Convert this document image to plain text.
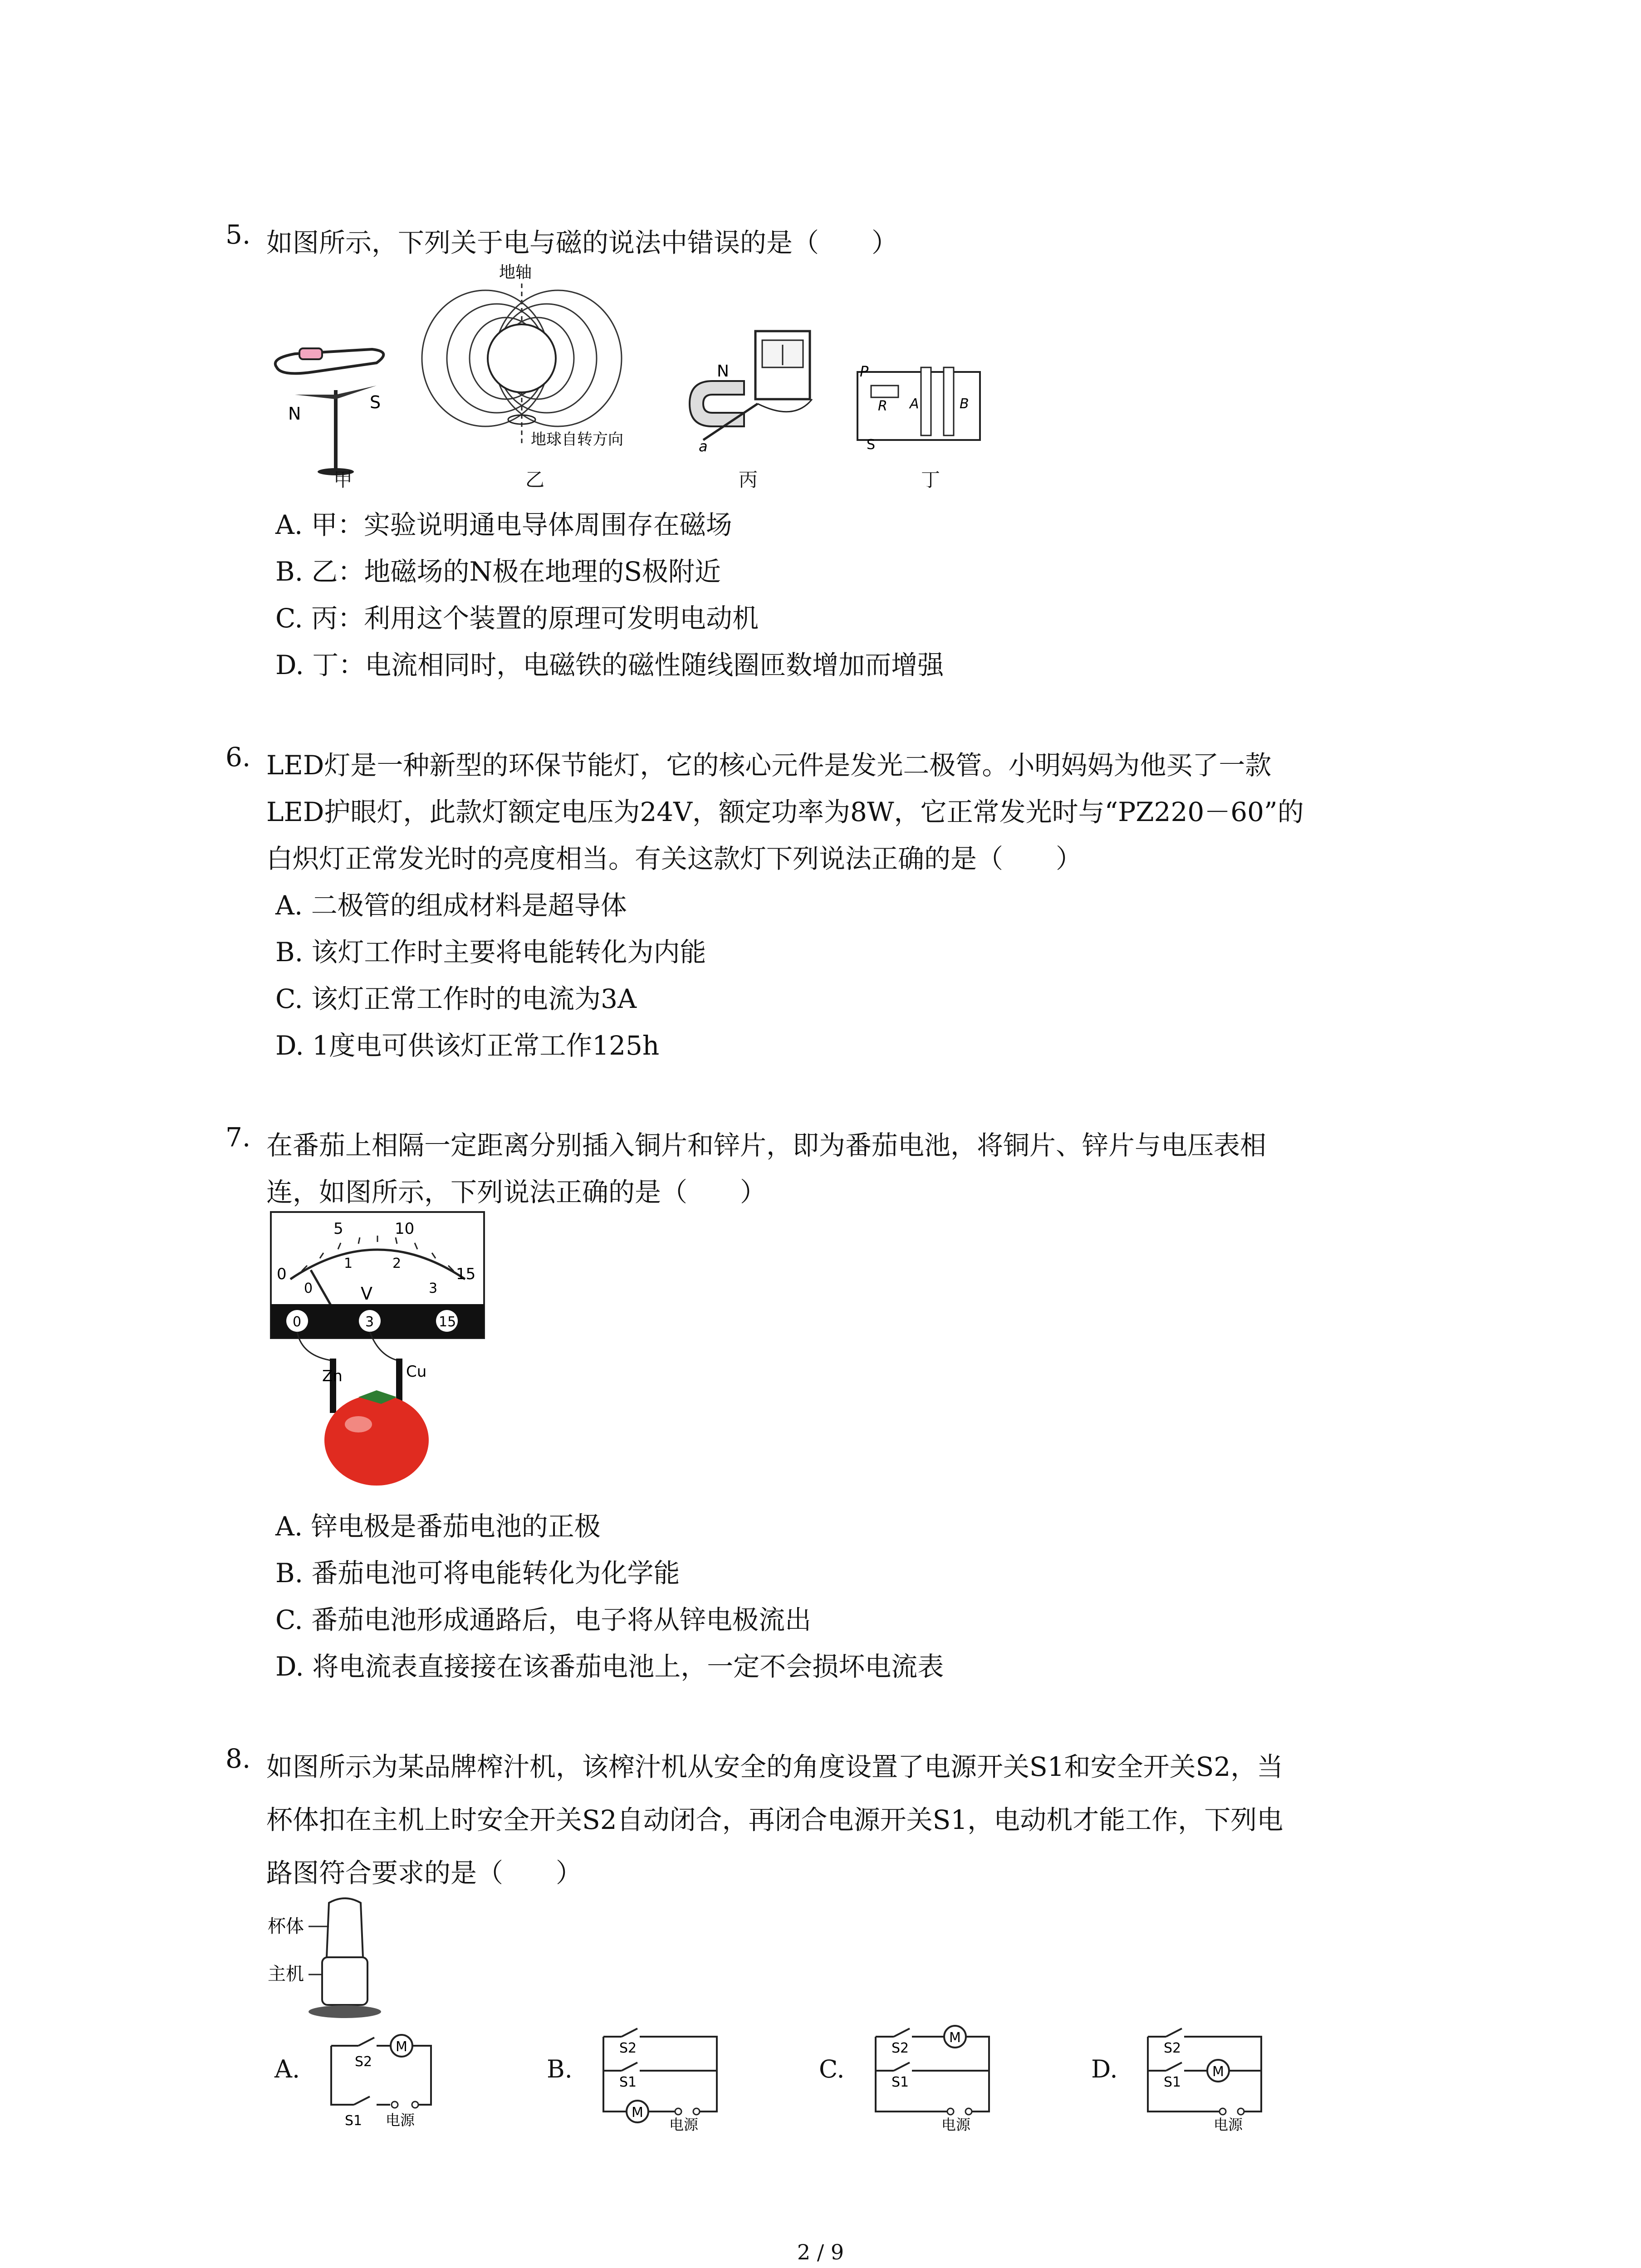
5. 如图所示，下列关于电与磁的说法中错误的是（　　）
N
S
甲
地轴
地球自转方向
乙
N
a
丙
P
R A	B
S
丁
A. 甲：实验说明通电导体周围存在磁场
B. 乙：地磁场的N极在地理的S极附近
C. 丙：利用这个装置的原理可发明电动机
D. 丁：电流相同时，电磁铁的磁性随线圈匝数增加而增强
6. LED灯是一种新型的环保节能灯，它的核心元件是发光二极管。小明妈妈为他买了一款
LED护眼灯，此款灯额定电压为24V，额定功率为8W，它正常发光时与“PZ220－60”的
白炽灯正常发光时的亮度相当。有关这款灯下列说法正确的是（　　）
A. 二极管的组成材料是超导体
B. 该灯工作时主要将电能转化为内能
C. 该灯正常工作时的电流为3A
D. 1度电可供该灯正常工作125h
7. 在番茄上相隔一定距离分别插入铜片和锌片，即为番茄电池，将铜片、锌片与电压表相
连，如图所示，下列说法正确的是（　　）
0
5	10
15
0
1	2
3
V
0	3	15
Zn	Cu
A. 锌电极是番茄电池的正极
B. 番茄电池可将电能转化为化学能
C. 番茄电池形成通路后，电子将从锌电极流出
D. 将电流表直接接在该番茄电池上，一定不会损坏电流表
8. 如图所示为某品牌榨汁机，该榨汁机从安全的角度设置了电源开关S1和安全开关S2，当
杯体扣在主机上时安全开关S2自动闭合，再闭合电源开关S1，电动机才能工作，下列电
路图符合要求的是（　　）
杯体
主机
A.
M
S2
S1 电源
B.
S2
S1
M
电源
C.
M
S2
S1
电源
D.	M
S2
S1
电源
2 / 9
